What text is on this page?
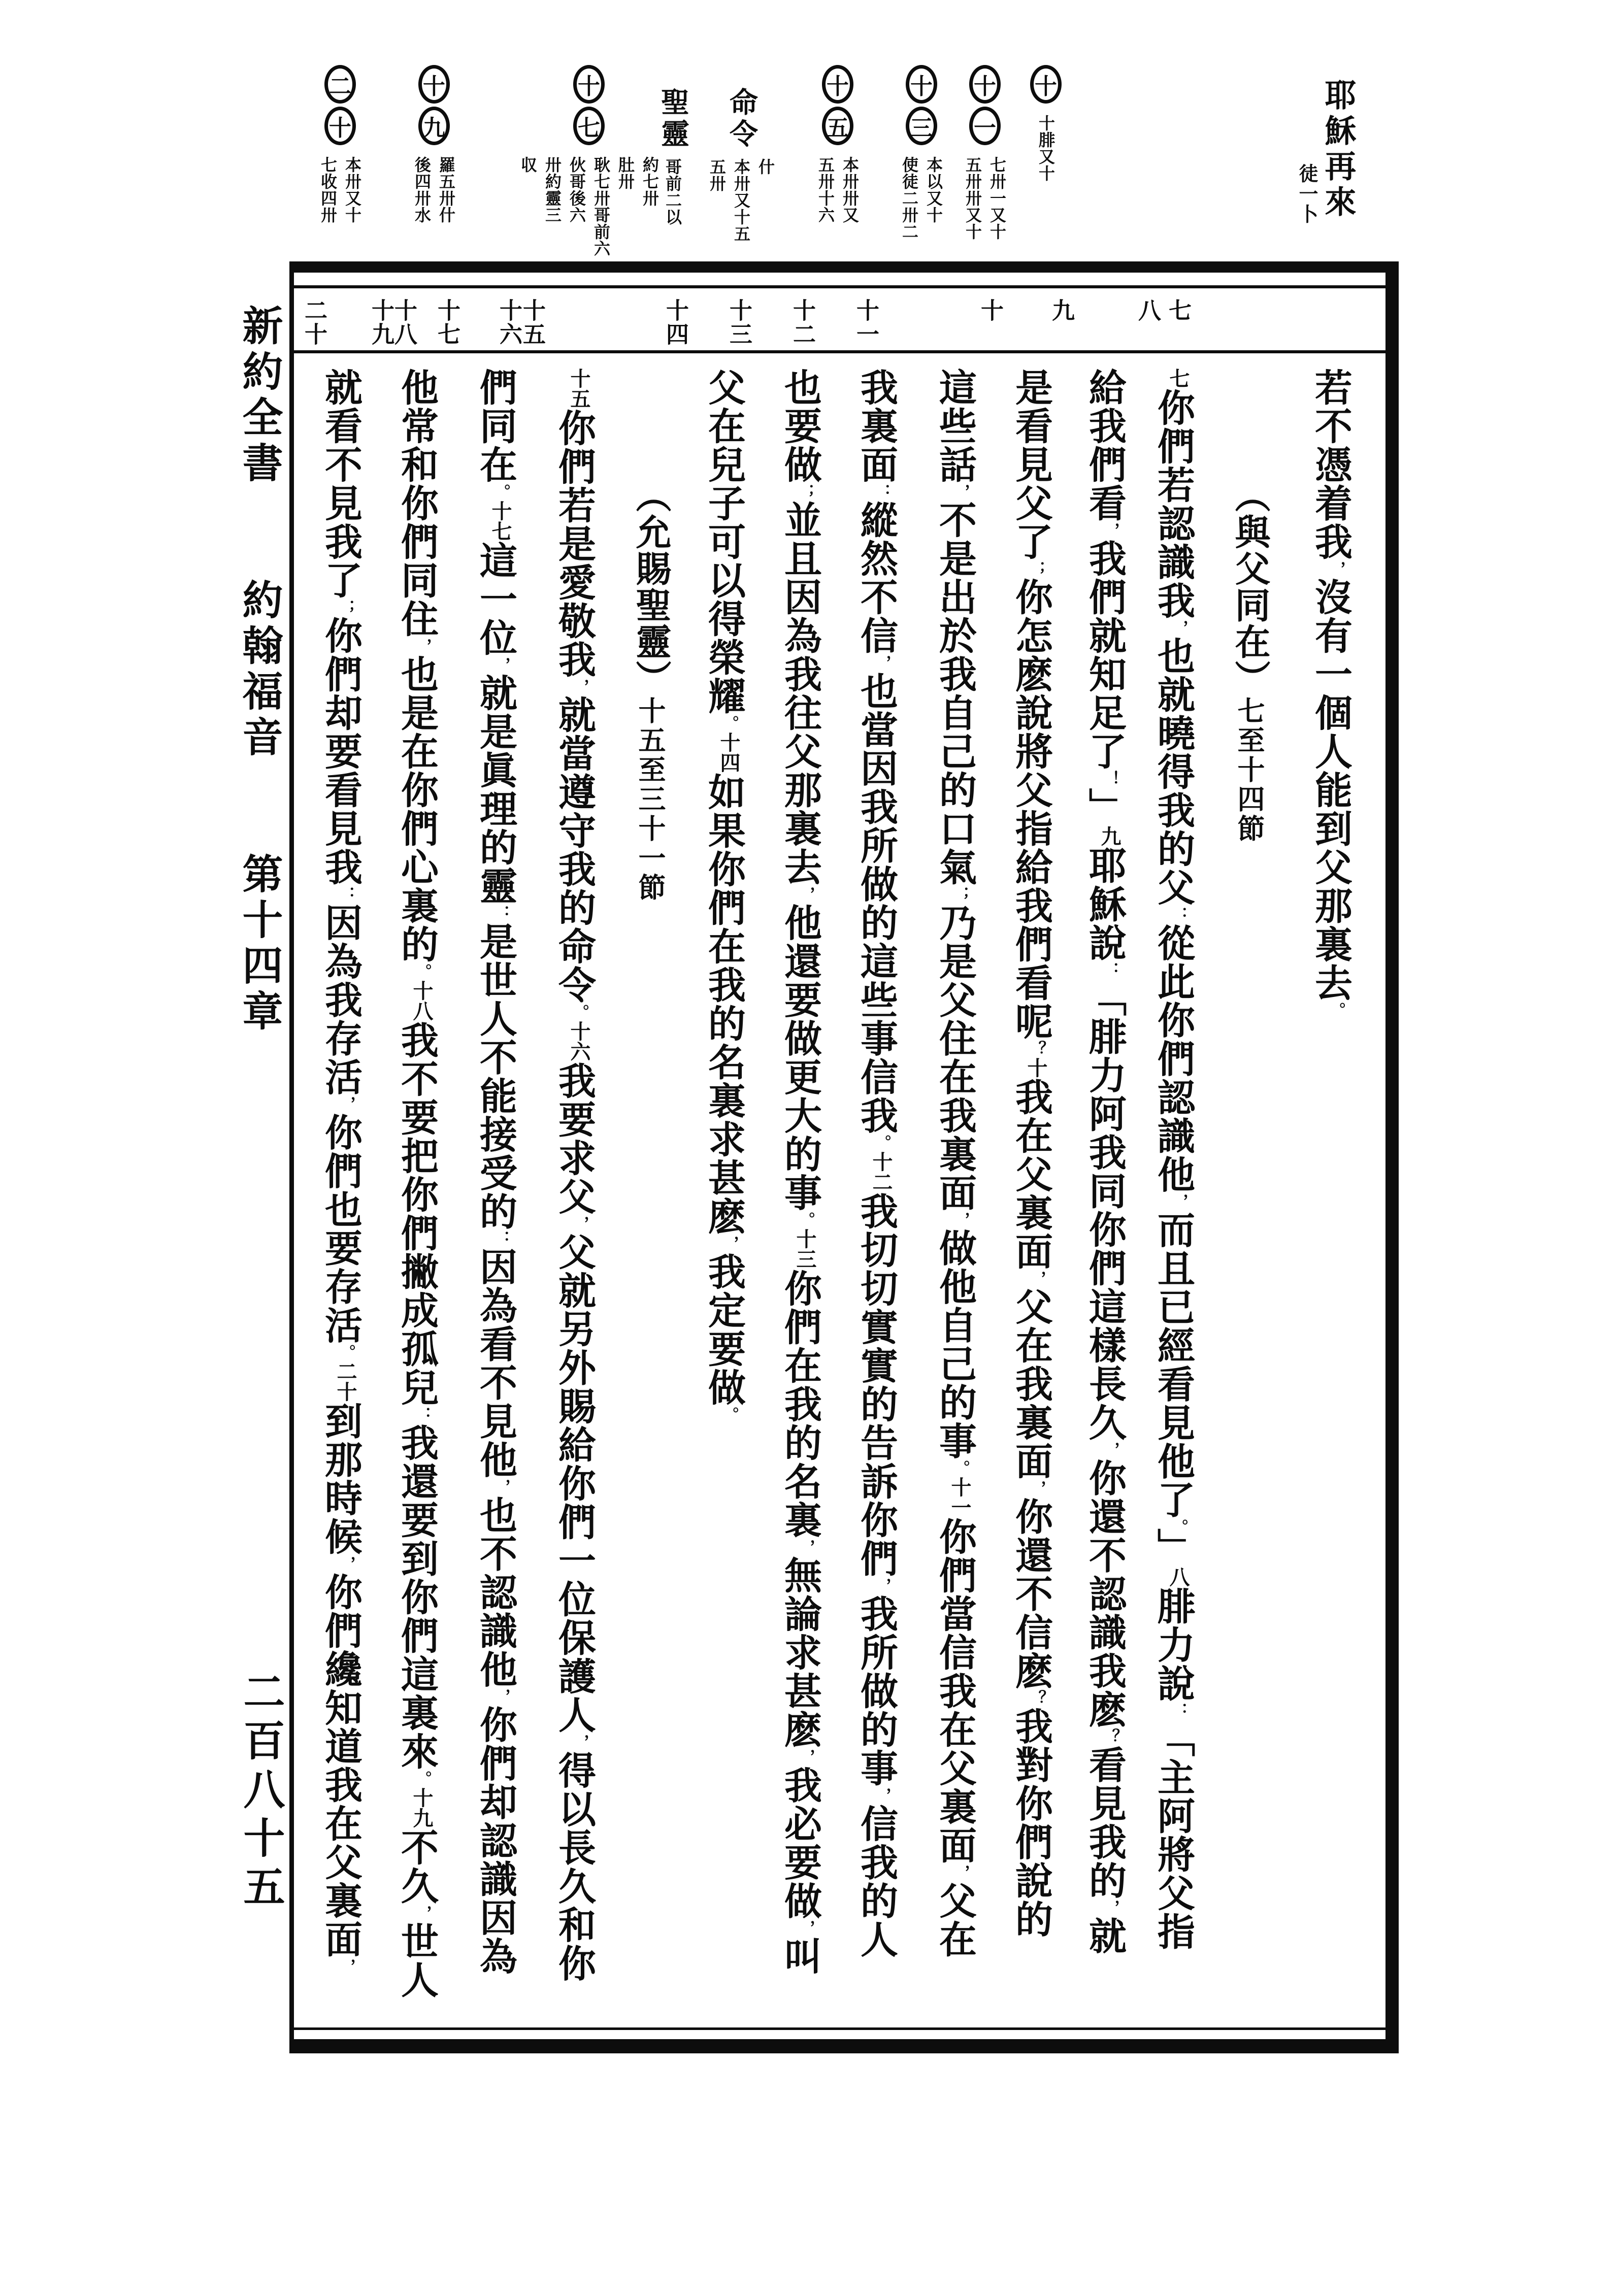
耶穌再來
徒一卜
十
十腓又十
十
一
七卅一又十
五卅卅又十
十
三
本以又十
使徒二卅二
十
五
本卅卅又
五卅十六
命令
什
本卅又十五
五卅
聖靈
哥前二以
十
七
約七卅
肚卅
耿七卅哥前六
伙哥後六
卅約靈三
収
十
九
羅五卅什
後四卅水
二
十
本卅又十
七收四卅
七
八
九
十
十一
十二
十三
十四
十五
十六
十七
十八
十九
二十
若不憑着我，沒有一個人能到父那裏去。
（與父同在）七至十四節
七你們若認識我，也就曉得我的父：從此你們認識他，而且已經看見他了。」八腓力說：「主阿將父指
給我們看，我們就知足了！」九耶穌說：「腓力阿我同你們這樣長久，你還不認識我麽？看見我的，就
是看見父了；你怎麽說將父指給我們看呢？十我在父裏面，父在我裏面，你還不信麽？我對你們說的
這些話，不是出於我自己的口氣；乃是父住在我裏面，做他自己的事。十一你們當信我在父裏面，父在
我裏面：縱然不信，也當因我所做的這些事信我。十二我切切實實的告訴你們，我所做的事，信我的人
也要做；並且因為我往父那裏去，他還要做更大的事。十三你們在我的名裏，無論求甚麽，我必要做，叫
父在兒子可以得榮耀。十四如果你們在我的名裏求甚麽，我定要做。
（允賜聖靈）十五至三十一節
十五你們若是愛敬我，就當遵守我的命令。十六我要求父，父就另外賜給你們一位保護人，得以長久和你
們同在。十七這一位，就是眞理的靈：是世人不能接受的：因為看不見他，也不認識他，你們却認識因為
他常和你們同住，也是在你們心裏的。十八我不要把你們撇成孤兒：我還要到你們這裏來。十九不久，世人
就看不見我了；你們却要看見我：因為我存活，你們也要存活。二十到那時候，你們纔知道我在父裏面，
新約全書　　約翰福音　　第十四章
二百八十五
